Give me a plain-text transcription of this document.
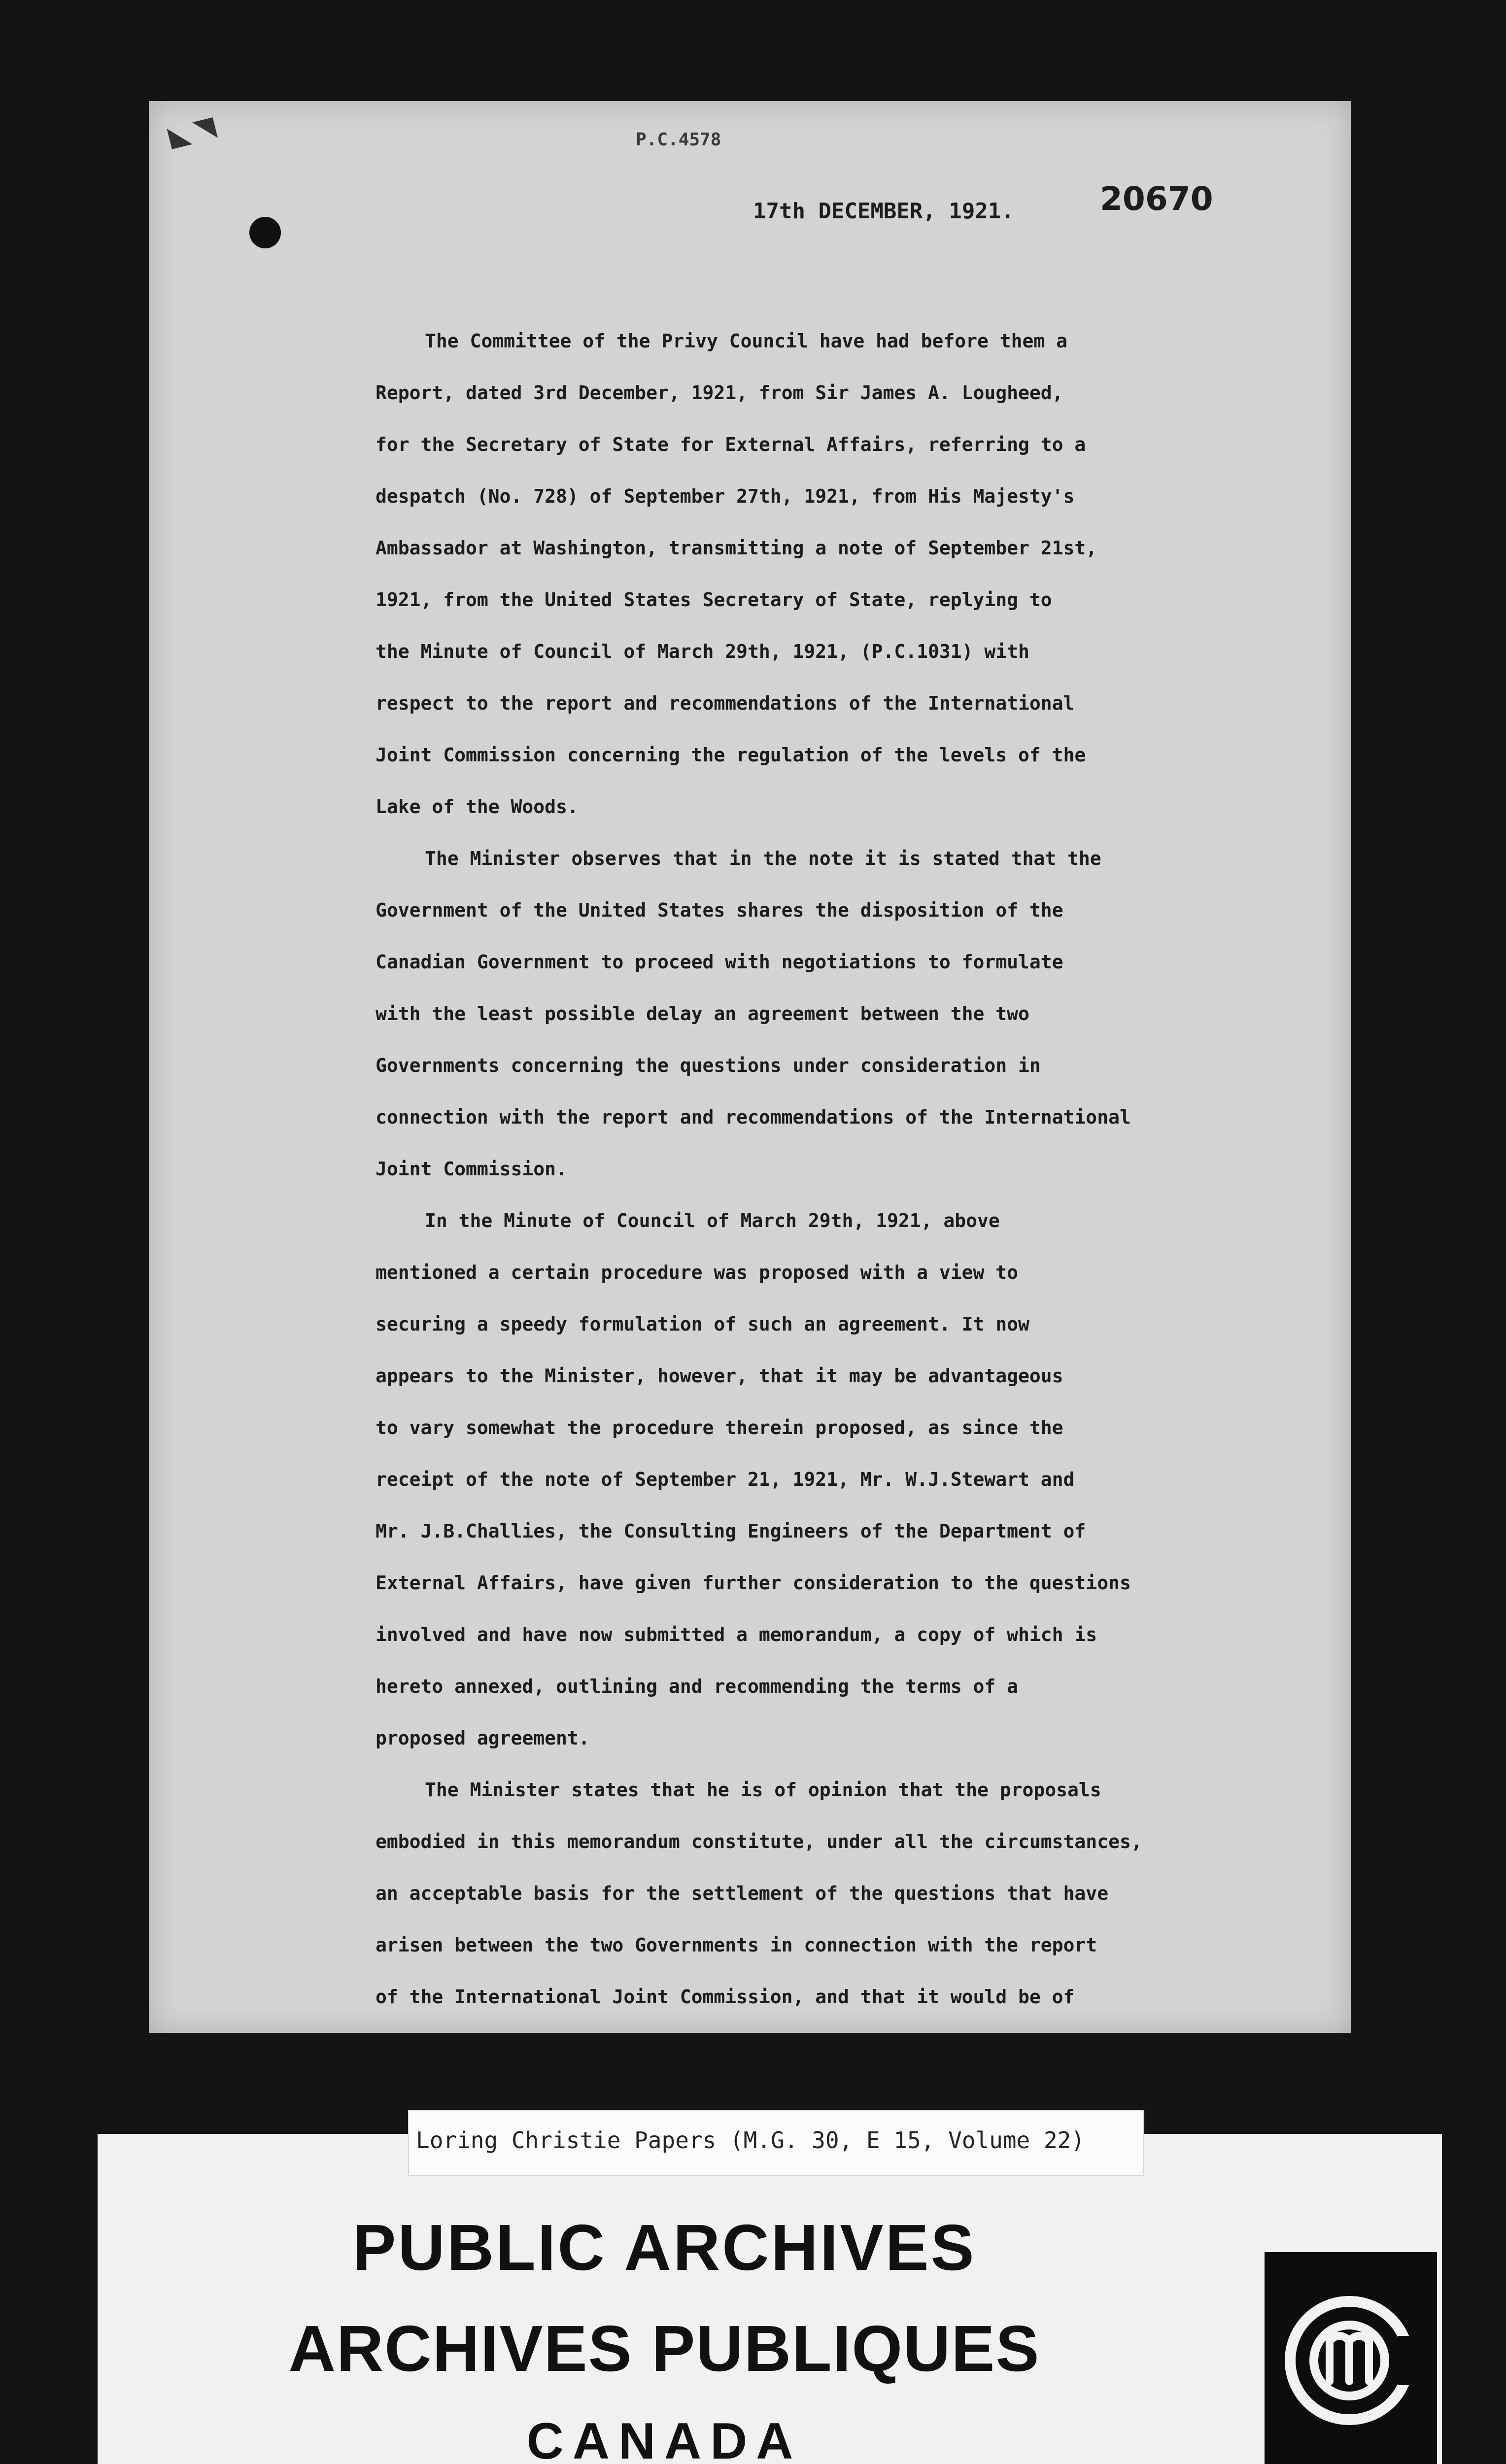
◣◥	P.C.4578
17th DECEMBER, 1921.	20670
The Committee of the Privy Council have had before them a
Report, dated 3rd December, 1921, from Sir James A. Lougheed,
for the Secretary of State for External Affairs, referring to a
despatch (No. 728) of September 27th, 1921, from His Majesty's
Ambassador at Washington, transmitting a note of September 21st,
1921, from the United States Secretary of State, replying to
the Minute of Council of March 29th, 1921, (P.C.1031) with
respect to the report and recommendations of the International
Joint Commission concerning the regulation of the levels of the
Lake of the Woods.
The Minister observes that in the note it is stated that the
Government of the United States shares the disposition of the
Canadian Government to proceed with negotiations to formulate
with the least possible delay an agreement between the two
Governments concerning the questions under consideration in
connection with the report and recommendations of the International
Joint Commission.
In the Minute of Council of March 29th, 1921, above
mentioned a certain procedure was proposed with a view to
securing a speedy formulation of such an agreement. It now
appears to the Minister, however, that it may be advantageous
to vary somewhat the procedure therein proposed, as since the
receipt of the note of September 21, 1921, Mr. W.J.Stewart and
Mr. J.B.Challies, the Consulting Engineers of the Department of
External Affairs, have given further consideration to the questions
involved and have now submitted a memorandum, a copy of which is
hereto annexed, outlining and recommending the terms of a
proposed agreement.
The Minister states that he is of opinion that the proposals
embodied in this memorandum constitute, under all the circumstances,
an acceptable basis for the settlement of the questions that have
arisen between the two Governments in connection with the report
of the International Joint Commission, and that it would be of
Loring Christie Papers (M.G. 30, E 15, Volume 22)
PUBLIC ARCHIVES
ARCHIVES PUBLIQUES
CANADA
